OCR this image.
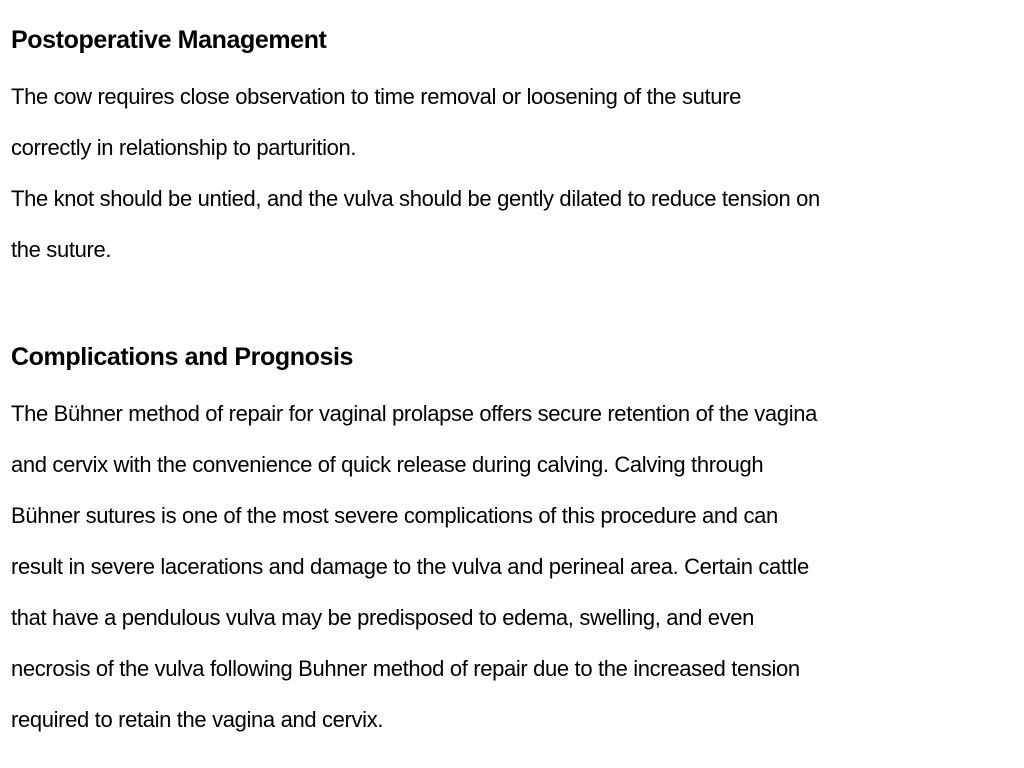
Postoperative Management
The cow requires close observation to time removal or loosening of the suture
correctly in relationship to parturition.
The knot should be untied, and the vulva should be gently dilated to reduce tension on
the suture.
Complications and Prognosis
The Bühner method of repair for vaginal prolapse offers secure retention of the vagina
and cervix with the convenience of quick release during calving. Calving through
Bühner sutures is one of the most severe complications of this procedure and can
result in severe lacerations and damage to the vulva and perineal area. Certain cattle
that have a pendulous vulva may be predisposed to edema, swelling, and even
necrosis of the vulva following Buhner method of repair due to the increased tension
required to retain the vagina and cervix.
